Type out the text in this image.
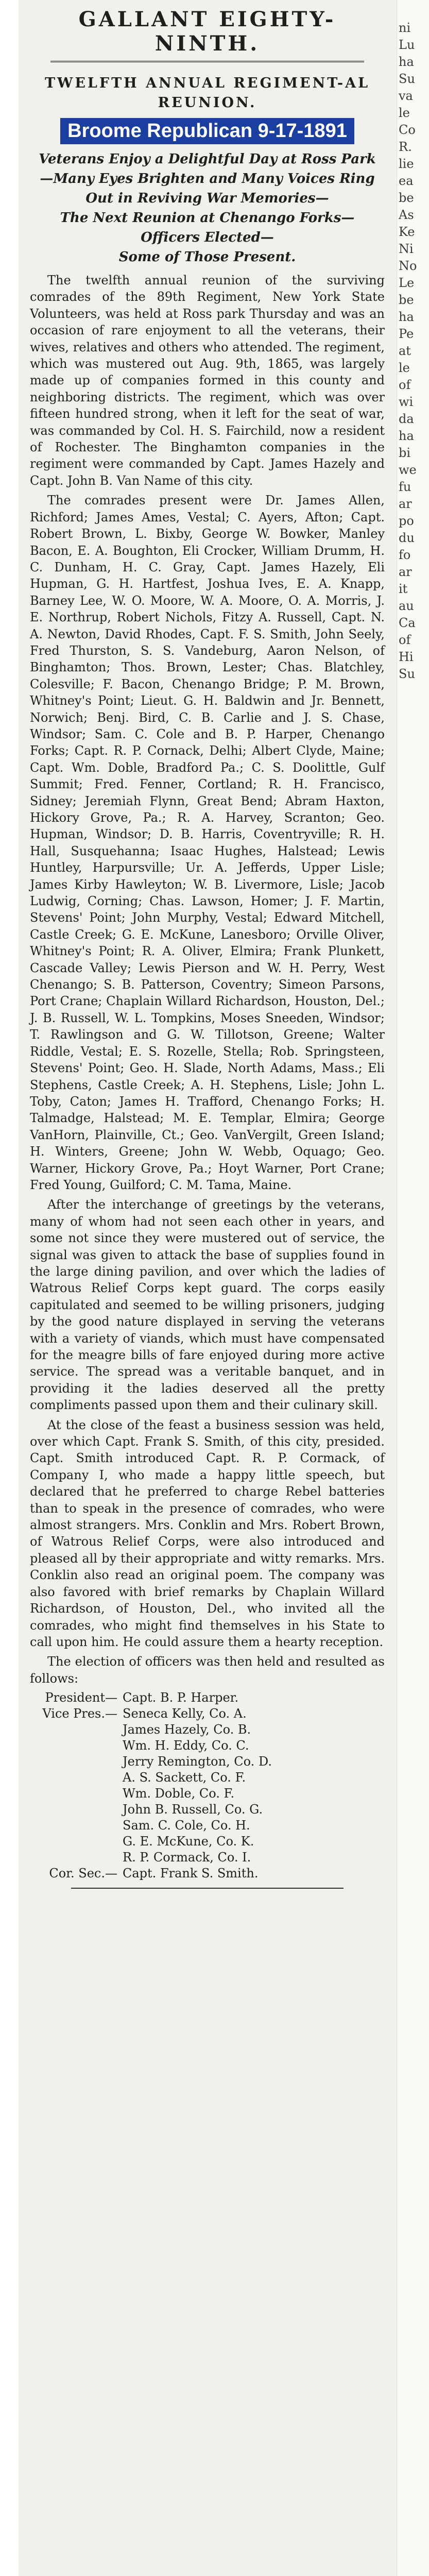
GALLANT EIGHTY-NINTH.
TWELFTH ANNUAL REGIMENT-AL REUNION.
Broome Republican 9-17-1891
Veterans Enjoy a Delightful Day at Ross Park—Many Eyes Brighten and Many Voices Ring Out in Reviving War Memories—
The Next Reunion at Chenango Forks—Officers Elected—
Some of Those Present.

The twelfth annual reunion of the surviving comrades of the 89th Regiment, New York State Volunteers, was held at Ross park Thursday and was an occasion of rare enjoyment to all the veterans, their wives, relatives and others who attended. The regiment, which was mustered out Aug. 9th, 1865, was largely made up of companies formed in this county and neighboring districts. The regiment, which was over fifteen hundred strong, when it left for the seat of war, was commanded by Col. H. S. Fairchild, now a resident of Rochester. The Binghamton companies in the regiment were commanded by Capt. James Hazely and Capt. John B. Van Name of this city.

The comrades present were Dr. James Allen, Richford; James Ames, Vestal; C. Ayers, Afton; Capt. Robert Brown, L. Bixby, George W. Bowker, Manley Bacon, E. A. Boughton, Eli Crocker, William Drumm, H. C. Dunham, H. C. Gray, Capt. James Hazely, Eli Hupman, G. H. Hartfest, Joshua Ives, E. A. Knapp, Barney Lee, W. O. Moore, W. A. Moore, O. A. Morris, J. E. Northrup, Robert Nichols, Fitzy A. Russell, Capt. N. A. Newton, David Rhodes, Capt. F. S. Smith, John Seely, Fred Thurston, S. S. Vandeburg, Aaron Nelson, of Binghamton; Thos. Brown, Lester; Chas. Blatchley, Colesville; F. Bacon, Chenango Bridge; P. M. Brown, Whitney's Point; Lieut. G. H. Baldwin and Jr. Bennett, Norwich; Benj. Bird, C. B. Carlie and J. S. Chase, Windsor; Sam. C. Cole and B. P. Harper, Chenango Forks; Capt. R. P. Cornack, Delhi; Albert Clyde, Maine; Capt. Wm. Doble, Bradford Pa.; C. S. Doolittle, Gulf Summit; Fred. Fenner, Cortland; R. H. Francisco, Sidney; Jeremiah Flynn, Great Bend; Abram Haxton, Hickory Grove, Pa.; R. A. Harvey, Scranton; Geo. Hupman, Windsor; D. B. Harris, Coventryville; R. H. Hall, Susquehanna; Isaac Hughes, Halstead; Lewis Huntley, Harpursville; Ur. A. Jefferds, Upper Lisle; James Kirby Hawleyton; W. B. Livermore, Lisle; Jacob Ludwig, Corning; Chas. Lawson, Homer; J. F. Martin, Stevens' Point; John Murphy, Vestal; Edward Mitchell, Castle Creek; G. E. McKune, Lanesboro; Orville Oliver, Whitney's Point; R. A. Oliver, Elmira; Frank Plunkett, Cascade Valley; Lewis Pierson and W. H. Perry, West Chenango; S. B. Patterson, Coventry; Simeon Parsons, Port Crane; Chaplain Willard Richardson, Houston, Del.; J. B. Russell, W. L. Tompkins, Moses Sneeden, Windsor; T. Rawlingson and G. W. Tillotson, Greene; Walter Riddle, Vestal; E. S. Rozelle, Stella; Rob. Springsteen, Stevens' Point; Geo. H. Slade, North Adams, Mass.; Eli Stephens, Castle Creek; A. H. Stephens, Lisle; John L. Toby, Caton; James H. Trafford, Chenango Forks; H. Talmadge, Halstead; M. E. Templar, Elmira; George VanHorn, Plainville, Ct.; Geo. VanVergilt, Green Island; H. Winters, Greene; John W. Webb, Oquago; Geo. Warner, Hickory Grove, Pa.; Hoyt Warner, Port Crane; Fred Young, Guilford; C. M. Tama, Maine.

After the interchange of greetings by the veterans, many of whom had not seen each other in years, and some not since they were mustered out of service, the signal was given to attack the base of supplies found in the large dining pavilion, and over which the ladies of Watrous Relief Corps kept guard. The corps easily capitulated and seemed to be willing prisoners, judging by the good nature displayed in serving the veterans with a variety of viands, which must have compensated for the meagre bills of fare enjoyed during more active service. The spread was a veritable banquet, and in providing it the ladies deserved all the pretty compliments passed upon them and their culinary skill.

At the close of the feast a business session was held, over which Capt. Frank S. Smith, of this city, presided. Capt. Smith introduced Capt. R. P. Cormack, of Company I, who made a happy little speech, but declared that he preferred to charge Rebel batteries than to speak in the presence of comrades, who were almost strangers. Mrs. Conklin and Mrs. Robert Brown, of Watrous Relief Corps, were also introduced and pleased all by their appropriate and witty remarks. Mrs. Conklin also read an original poem. The company was also favored with brief remarks by Chaplain Willard Richardson, of Houston, Del., who invited all the comrades, who might find themselves in his State to call upon him. He could assure them a hearty reception.

The election of officers was then held and resulted as follows:

President— Capt. B. P. Harper.
Vice Pres.— Seneca Kelly, Co. A.
James Hazely, Co. B.
Wm. H. Eddy, Co. C.
Jerry Remington, Co. D.
A. S. Sackett, Co. F.
Wm. Doble, Co. F.
John B. Russell, Co. G.
Sam. C. Cole, Co. H.
G. E. McKune, Co. K.
R. P. Cormack, Co. I.
Cor. Sec.— Capt. Frank S. Smith.
ni
Lu
ha
Su
va
le
Co
R.
lie
ea
be
As
Ke
Ni
No
Le
be
ha
Pe
at
le
of
wi
da
ha
bi
we
fu
ar
po
du
fo
ar
it
au
Ca
of
Hi
Su
